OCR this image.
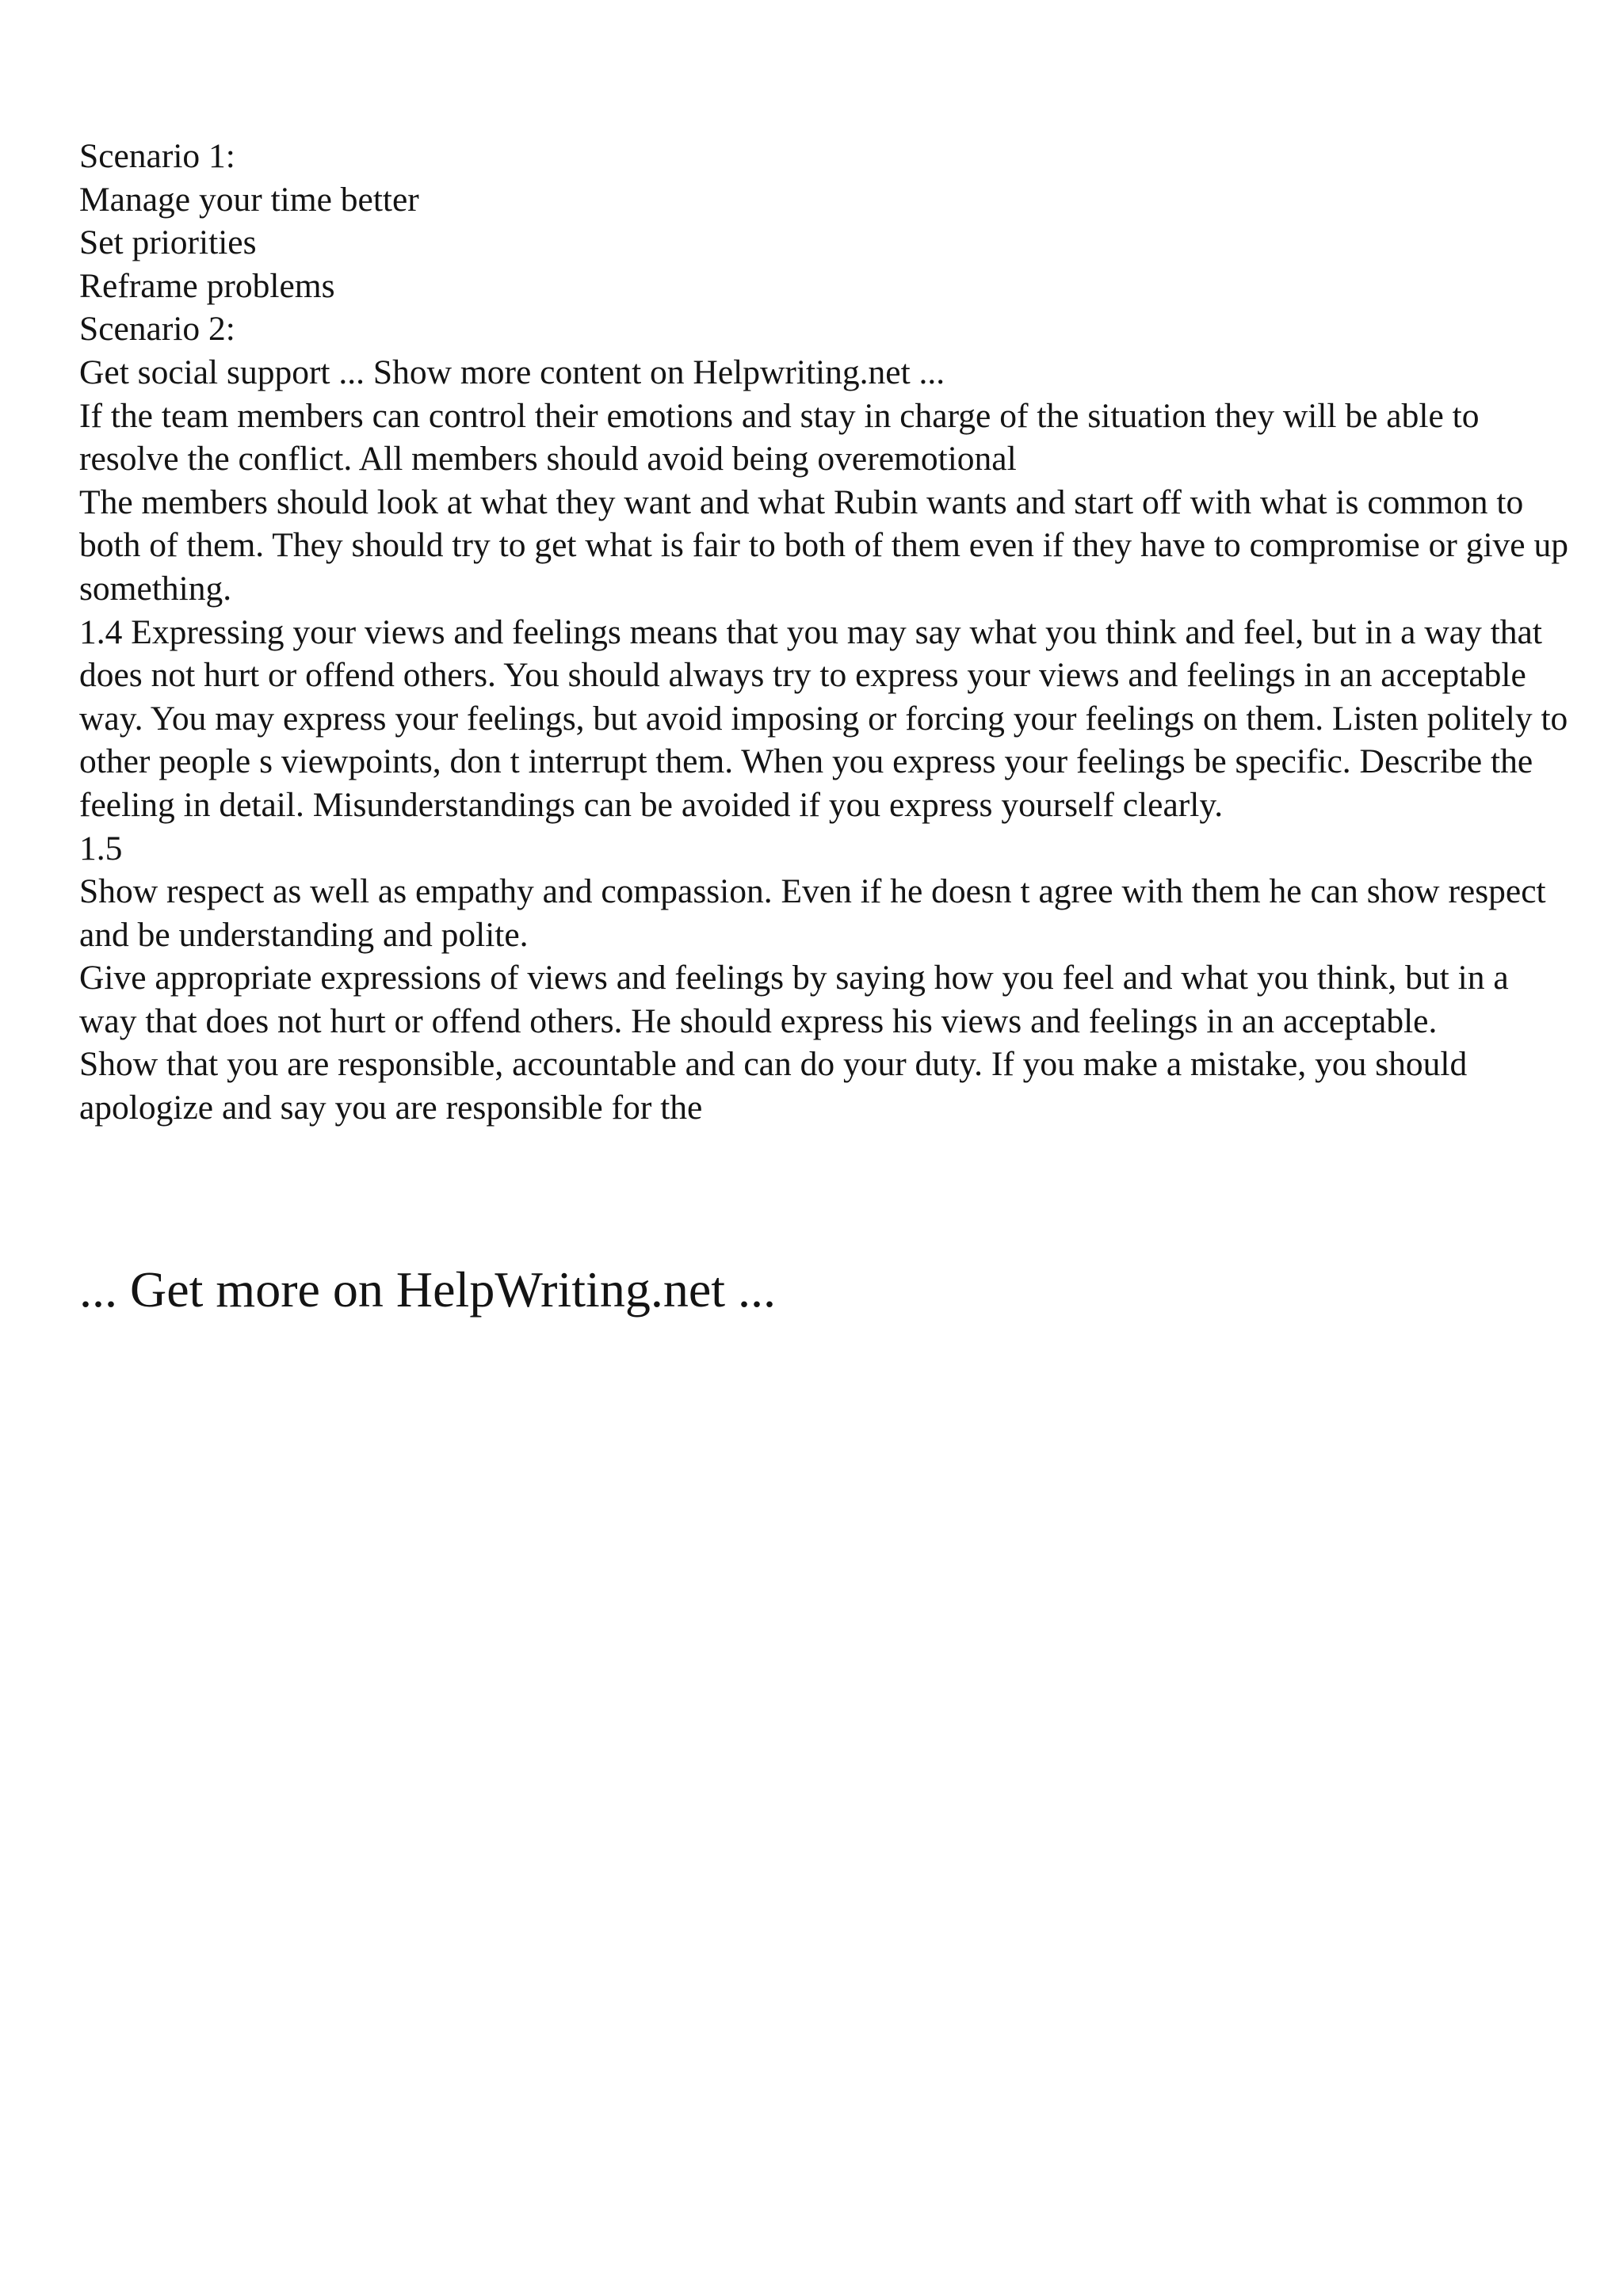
Scenario 1:
Manage your time better
Set priorities
Reframe problems
Scenario 2:
Get social support ... Show more content on Helpwriting.net ...

If the team members can control their emotions and stay in charge of the situation they will be able to resolve the conflict. All members should avoid being overemotional

The members should look at what they want and what Rubin wants and start off with what is common to both of them. They should try to get what is fair to both of them even if they have to compromise or give up something.

1.4 Expressing your views and feelings means that you may say what you think and feel, but in a way that does not hurt or offend others. You should always try to express your views and feelings in an acceptable way. You may express your feelings, but avoid imposing or forcing your feelings on them. Listen politely to other people s viewpoints, don t interrupt them. When you express your feelings be specific. Describe the feeling in detail. Misunderstandings can be avoided if you express yourself clearly.

1.5

Show respect as well as empathy and compassion. Even if he doesn t agree with them he can show respect and be understanding and polite.

Give appropriate expressions of views and feelings by saying how you feel and what you think, but in a way that does not hurt or offend others. He should express his views and feelings in an acceptable.

Show that you are responsible, accountable and can do your duty. If you make a mistake, you should apologize and say you are responsible for the

... Get more on HelpWriting.net ...
